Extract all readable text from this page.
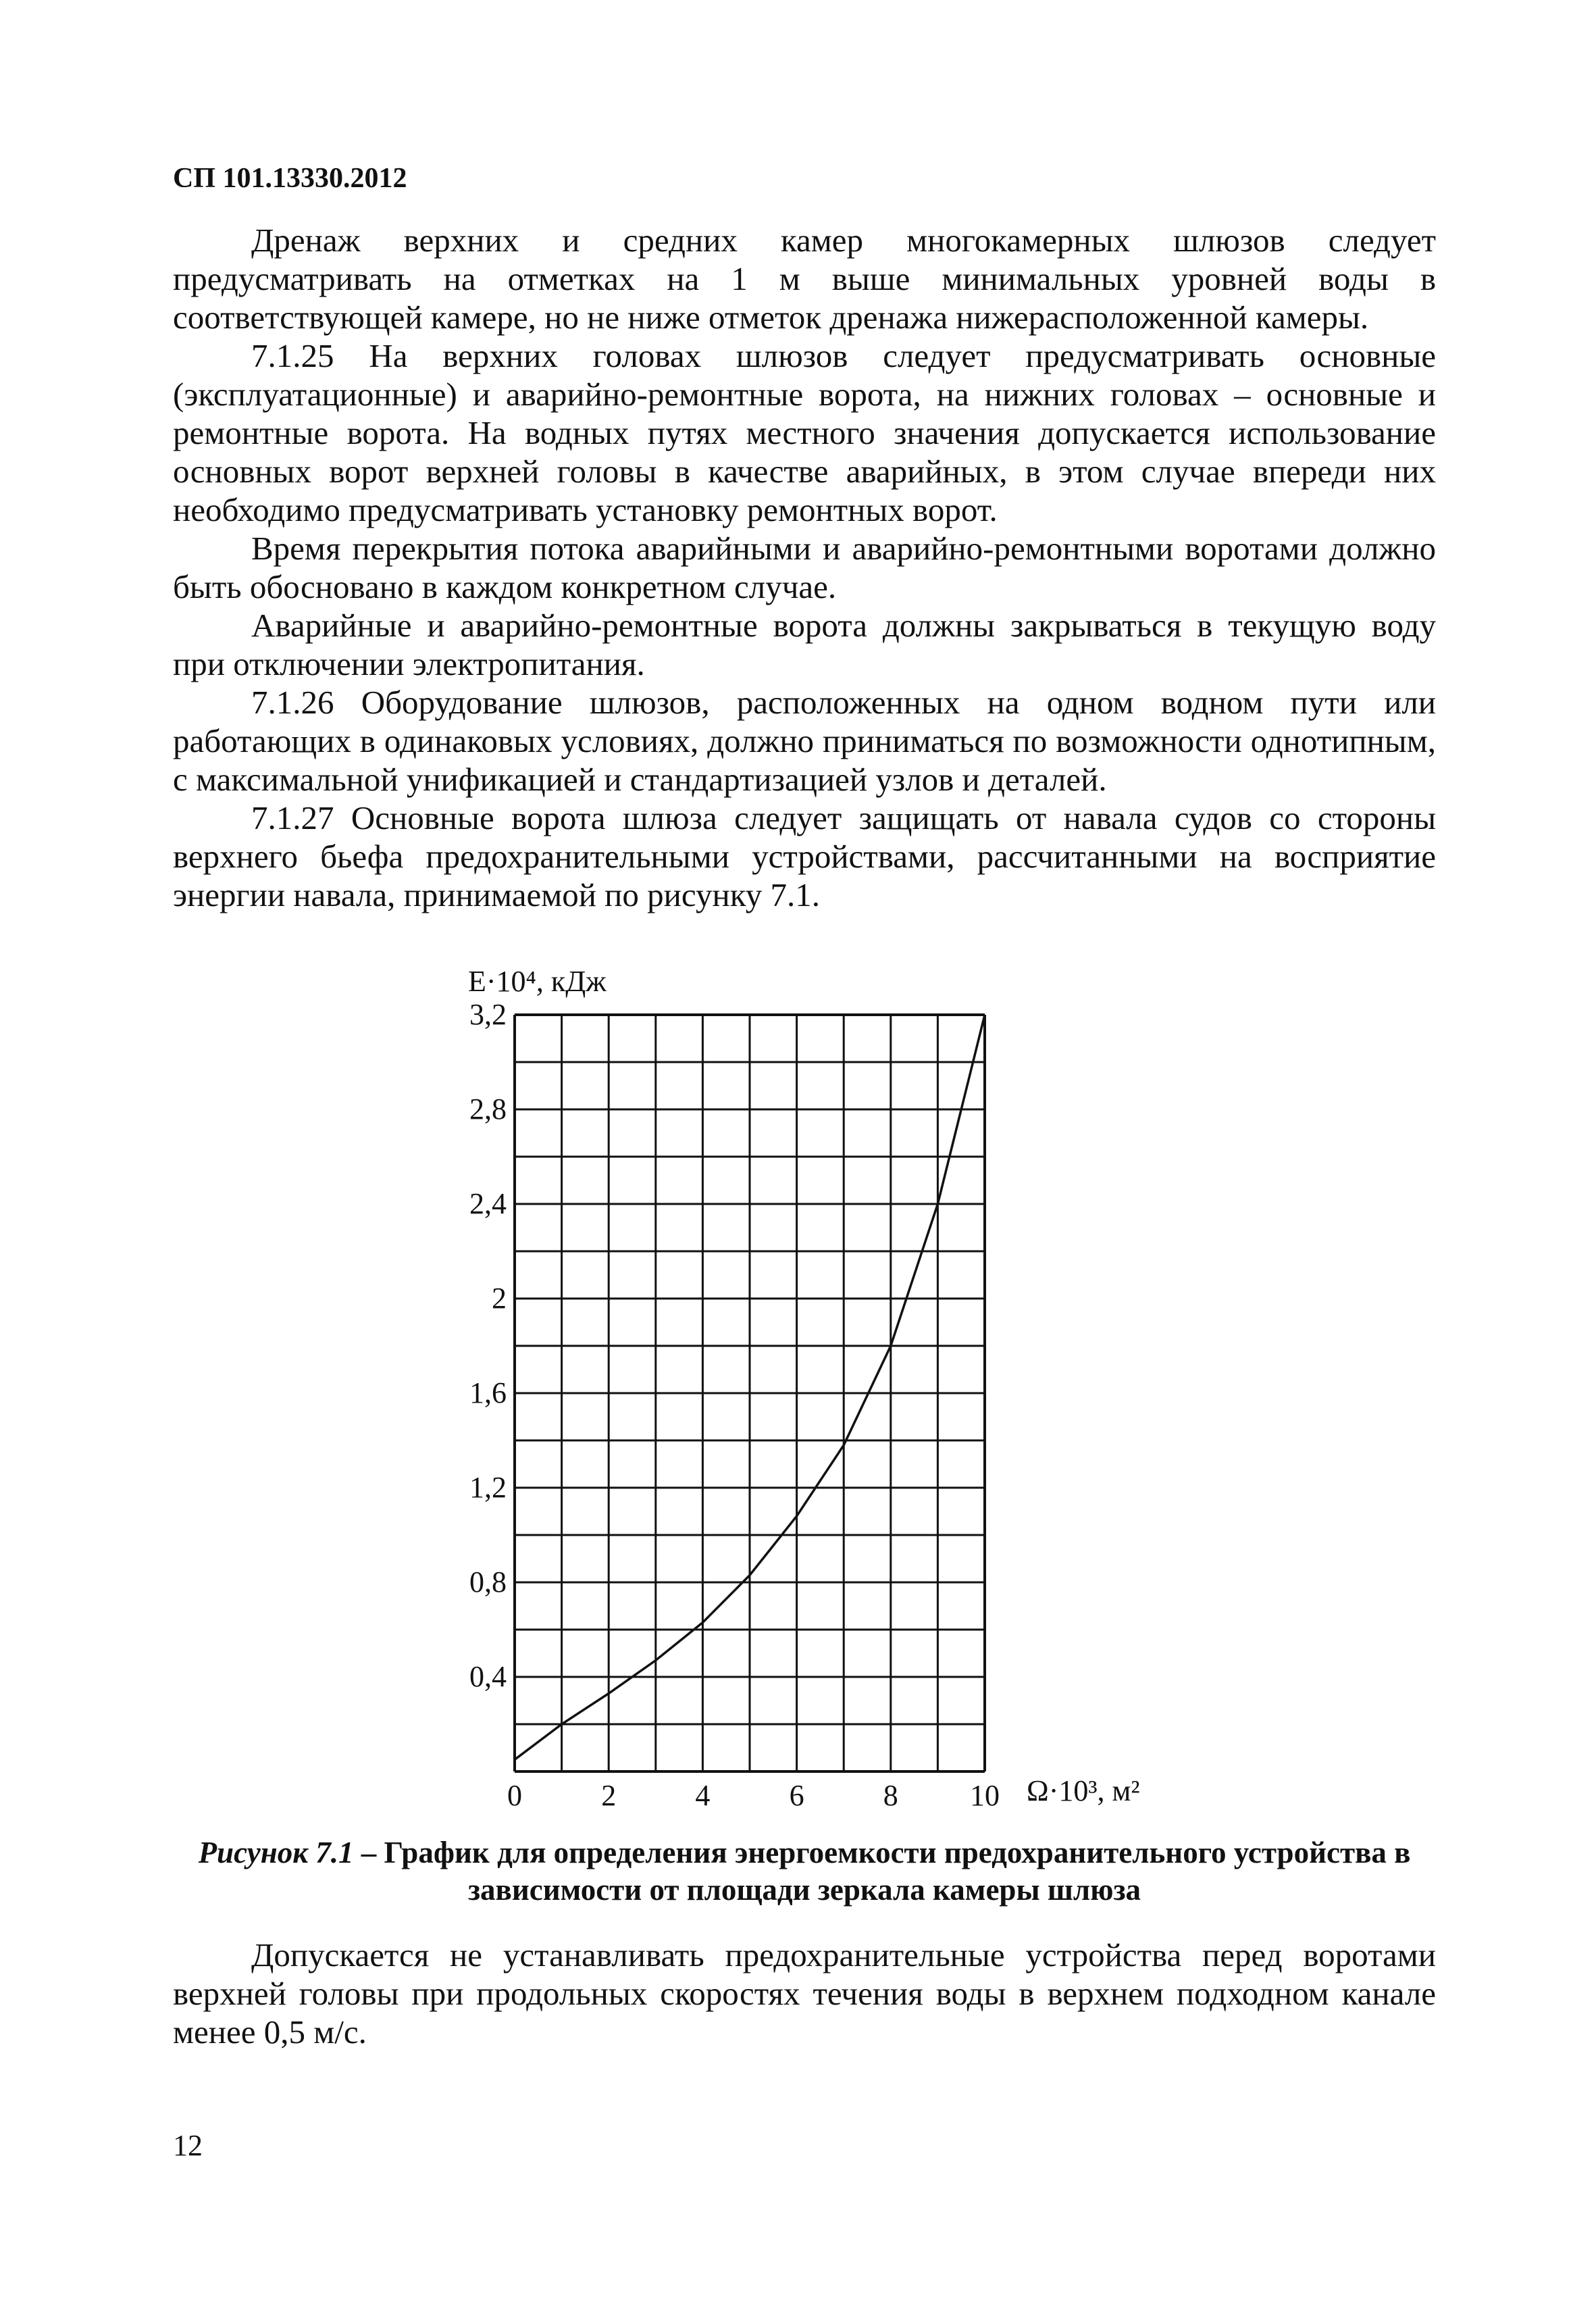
СП 101.13330.2012

Дренаж верхних и средних камер многокамерных шлюзов следует предусматривать на отметках на 1 м выше минимальных уровней воды в соответствующей камере, но не ниже отметок дренажа нижерасположенной камеры.

7.1.25 На верхних головах шлюзов следует предусматривать основные (эксплуатационные) и аварийно-ремонтные ворота, на нижних головах – основные и ремонтные ворота. На водных путях местного значения допускается использование основных ворот верхней головы в качестве аварийных, в этом случае впереди них необходимо предусматривать установку ремонтных ворот.

Время перекрытия потока аварийными и аварийно-ремонтными воротами должно быть обосновано в каждом конкретном случае.

Аварийные и аварийно-ремонтные ворота должны закрываться в текущую воду при отключении электропитания.

7.1.26 Оборудование шлюзов, расположенных на одном водном пути или работающих в одинаковых условиях, должно приниматься по возможности однотипным, с максимальной унификацией и стандартизацией узлов и деталей.

7.1.27 Основные ворота шлюза следует защищать от навала судов со стороны верхнего бьефа предохранительными устройствами, рассчитанными на восприятие энергии навала, принимаемой по рисунку 7.1.

0,4
0,8
1,2
1,6
2
2,4
2,8
3,2
0	2	4	6	8 10
E·10⁴, кДж
Ω·10³, м²
Рисунок 7.1 – График для определения энергоемкости предохранительного устройства в зависимости от площади зеркала камеры шлюза

Допускается не устанавливать предохранительные устройства перед воротами верхней головы при продольных скоростях течения воды в верхнем подходном канале менее 0,5 м/с.

12
